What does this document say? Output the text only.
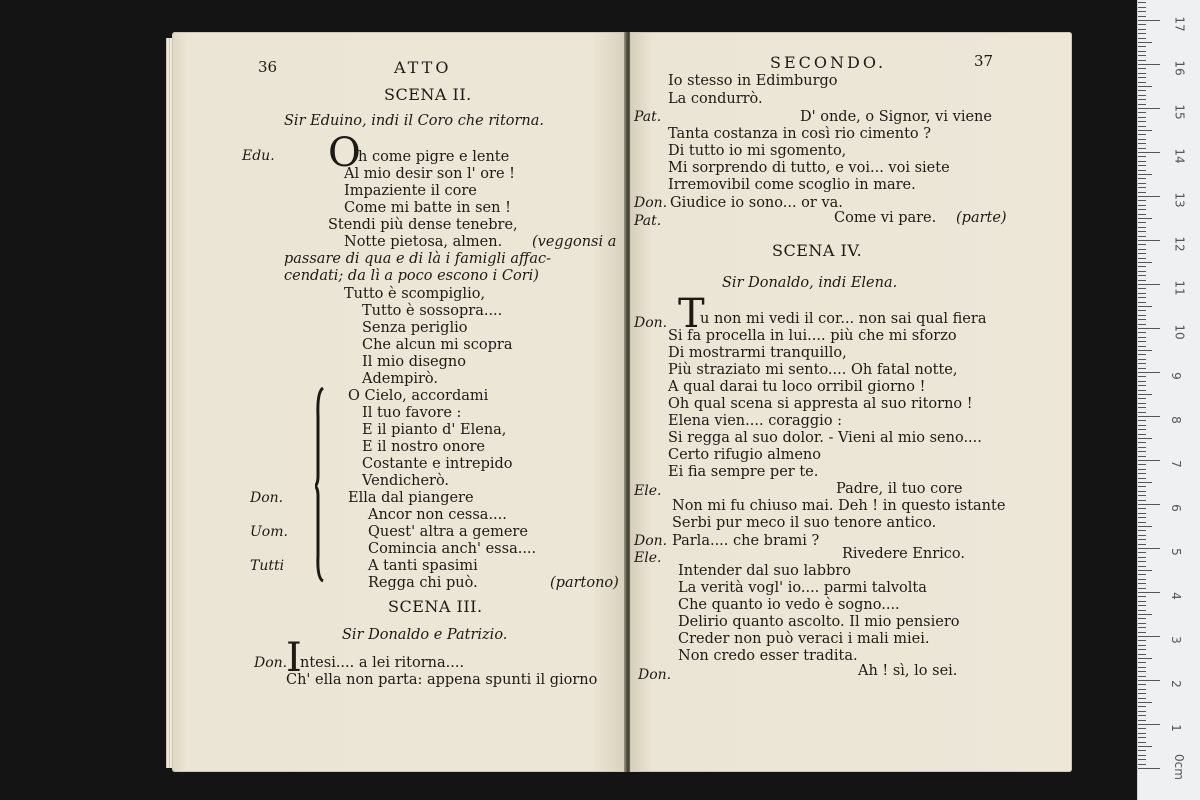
36	ATTO
SCENA II.
Sir Eduino, indi il Coro che ritorna.
Edu. O
h come pigre e lente
Al mio desir son l' ore !
Impaziente il core
Come mi batte in sen !
Stendi più dense tenebre,
Notte pietosa, almen. (veggonsi a
passare di qua e di là i famigli affac-
cendati; da lì a poco escono i Cori)
Tutto è scompiglio,
Tutto è sossopra....
Senza periglio
Che alcun mi scopra
Il mio disegno
Adempirò.
O Cielo, accordami
Il tuo favore :
E il pianto d' Elena,
E il nostro onore
Costante e intrepido
Vendicherò.
Don.	Ella dal piangere
Ancor non cessa....
Uom.	Quest' altra a gemere
Comincia anch' essa....
Tutti	A tanti spasimi
Regga chi può.	(partono)
SCENA III.
Sir Donaldo e Patrizio.
Don.
I
ntesi.... a lei ritorna....
Ch' ella non parta: appena spunti il giorno
SECONDO.	37
Io stesso in Edimburgo
La condurrò.
Pat.	D' onde, o Signor, vi viene
Tanta costanza in così rio cimento ?
Di tutto io mi sgomento,
Mi sorprendo di tutto, e voi... voi siete
Irremovibil come scoglio in mare.
Don. Giudice io sono... or va.
Pat.	Come vi pare. (parte)
SCENA IV.
Sir Donaldo, indi Elena.
Don. T
u non mi vedi il cor... non sai qual fiera
Si fa procella in lui.... più che mi sforzo
Di mostrarmi tranquillo,
Più straziato mi sento.... Oh fatal notte,
A qual darai tu loco orribil giorno !
Oh qual scena si appresta al suo ritorno !
Elena vien.... coraggio :
Si regga al suo dolor. - Vieni al mio seno....
Certo rifugio almeno
Ei fia sempre per te.
Ele.	Padre, il tuo core
Non mi fu chiuso mai. Deh ! in questo istante
Serbi pur meco il suo tenore antico.
Don. Parla.... che brami ?
Ele.	Rivedere Enrico.
Intender dal suo labbro
La verità vogl' io.... parmi talvolta
Che quanto io vedo è sogno....
Delirio quanto ascolto. Il mio pensiero
Creder non può veraci i mali miei.
Non credo esser tradita.
Don.	Ah ! sì, lo sei.
0cm
1
2
3
4
5
6
7
8
9
10
11
12
13
14
15
16
17
